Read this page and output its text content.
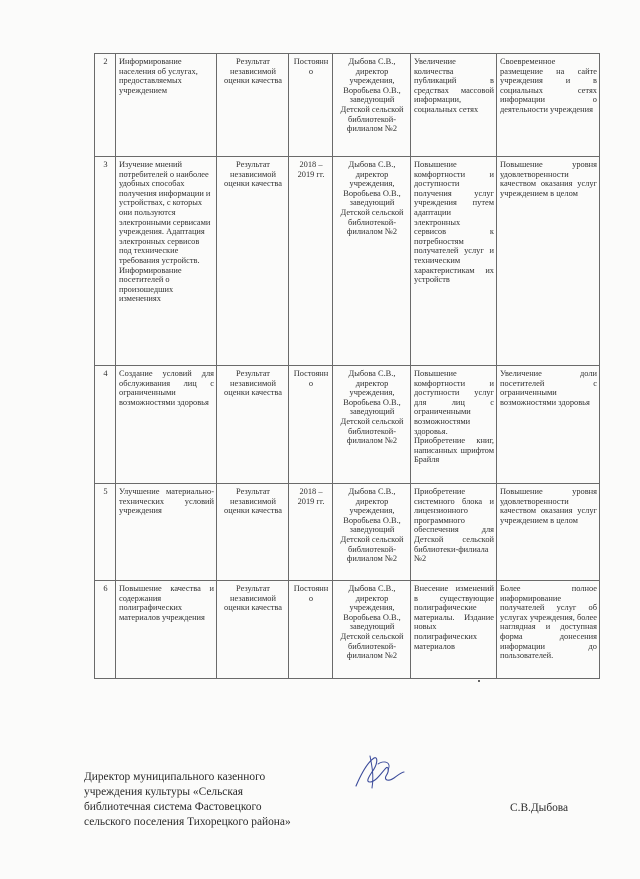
2	Информирование населения об услугах, предоставляемых учреждением	Результат независимой оценки качества	Постоянно	Дыбова С.В., директор учреждения, Воробьева О.В., заведующий Детской сельской библиотекой-филиалом №2	Увеличение количества публикаций в средствах массовой информации, социальных сетях	Своевременное размещение на сайте учреждения и в социальных сетях информации о деятельности учреждения
3	Изучение мнений потребителей о наиболее удобных способах получения информации и устройствах, с которых они пользуются электронными сервисами учреждения. Адаптация электронных сервисов под технические требования устройств. Информирование посетителей о произошедших изменениях	Результат независимой оценки качества	2018 – 2019 гг.	Дыбова С.В., директор учреждения, Воробьева О.В., заведующий Детской сельской библиотекой-филиалом №2	Повышение комфортности и доступности получения услуг учреждения путем адаптации электронных сервисов к потребностям получателей услуг и техническим характеристикам их устройств	Повышение уровня удовлетворенности качеством оказания услуг учреждением в целом
4	Создание условий для обслуживания лиц с ограниченными возможностями здоровья	Результат независимой оценки качества	Постоянно	Дыбова С.В., директор учреждения, Воробьева О.В., заведующий Детской сельской библиотекой-филиалом №2	Повышение комфортности и доступности услуг для лиц с ограниченными возможностями здоровья. Приобретение книг, написанных шрифтом Брайля	Увеличение доли посетителей с ограниченными возможностями здоровья
5	Улучшение материально-технических условий учреждения	Результат независимой оценки качества	2018 – 2019 гг.	Дыбова С.В., директор учреждения, Воробьева О.В., заведующий Детской сельской библиотекой-филиалом №2	Приобретение системного блока и лицензионного программного обеспечения для Детской сельской библиотеки-филиала №2	Повышение уровня удовлетворенности качеством оказания услуг учреждением в целом
6	Повышение качества и содержания полиграфических материалов учреждения	Результат независимой оценки качества	Постоянно	Дыбова С.В., директор учреждения, Воробьева О.В., заведующий Детской сельской библиотекой-филиалом №2	Внесение изменений в существующие полиграфические материалы. Издание новых полиграфических материалов	Более полное информирование получателей услуг об услугах учреждения, более наглядная и доступная форма донесения информации до пользователей.
Директор муниципального казенного
учреждения культуры «Сельская
библиотечная система Фастовецкого
сельского поселения Тихорецкого района»
С.В.Дыбова
